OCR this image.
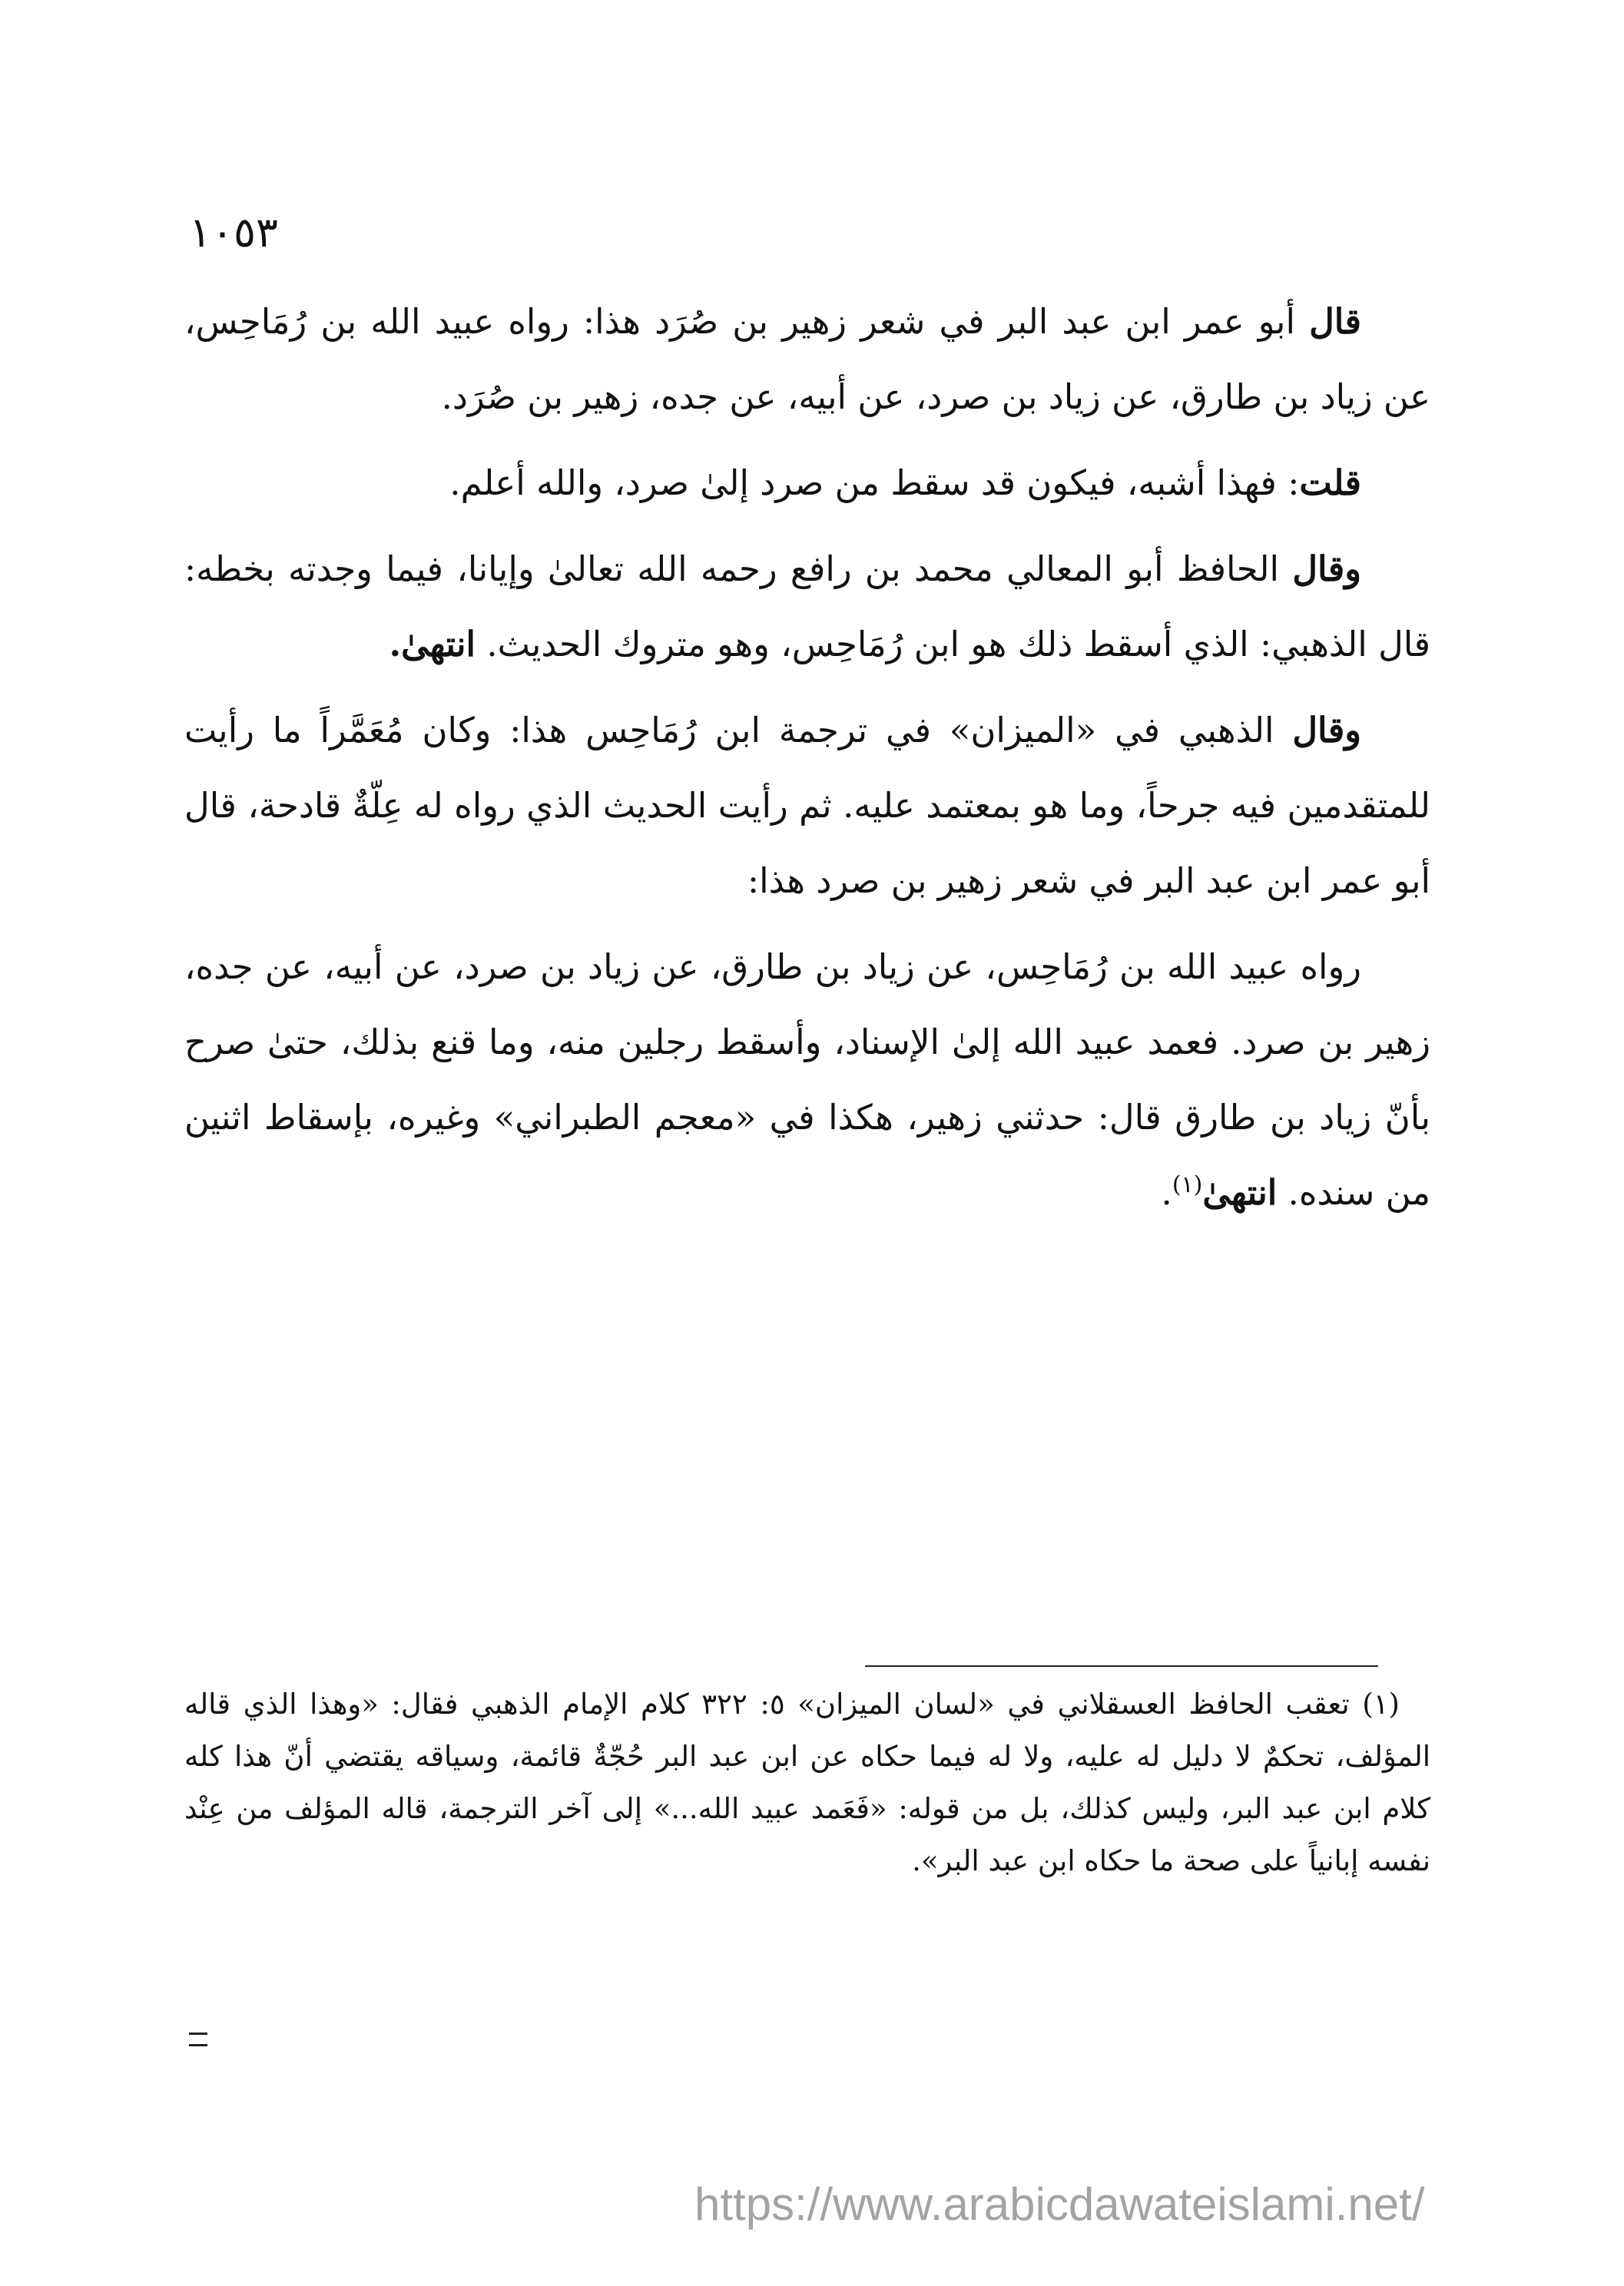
١٠٥٣

قال أبو عمر ابن عبد البر في شعر زهير بن صُرَد هذا: رواه عبيد الله بن رُمَاحِس، عن زياد بن طارق، عن زياد بن صرد، عن أبيه، عن جده، زهير بن صُرَد.

قلت: فهذا أشبه، فيكون قد سقط من صرد إلىٰ صرد، والله أعلم.

وقال الحافظ أبو المعالي محمد بن رافع رحمه الله تعالىٰ وإيانا، فيما وجدته بخطه: قال الذهبي: الذي أسقط ذلك هو ابن رُمَاحِس، وهو متروك الحديث. انتهىٰ.

وقال الذهبي في «الميزان» في ترجمة ابن رُمَاحِس هذا: وكان مُعَمَّراً ما رأيت للمتقدمين فيه جرحاً، وما هو بمعتمد عليه. ثم رأيت الحديث الذي رواه له عِلّةٌ قادحة، قال أبو عمر ابن عبد البر في شعر زهير بن صرد هذا:

رواه عبيد الله بن رُمَاحِس، عن زياد بن طارق، عن زياد بن صرد، عن أبيه، عن جده، زهير بن صرد. فعمد عبيد الله إلىٰ الإسناد، وأسقط رجلين منه، وما قنع بذلك، حتىٰ صرح بأنّ زياد بن طارق قال: حدثني زهير، هكذا في «معجم الطبراني» وغيره، بإسقاط اثنين من سنده. انتهىٰ$^{(١)}$.

(١) تعقب الحافظ العسقلاني في «لسان الميزان» ٥: ٣٢٢ كلام الإمام الذهبي فقال: «وهذا الذي قاله المؤلف، تحكمٌ لا دليل له عليه، ولا له فيما حكاه عن ابن عبد البر حُجّةٌ قائمة، وسياقه يقتضي أنّ هذا كله كلام ابن عبد البر، وليس كذلك، بل من قوله: «فَعَمد عبيد الله...» إلى آخر الترجمة، قاله المؤلف من عِنْد نفسه إبانياً على صحة ما حكاه ابن عبد البر».

https://www.arabicdawateislami.net/
